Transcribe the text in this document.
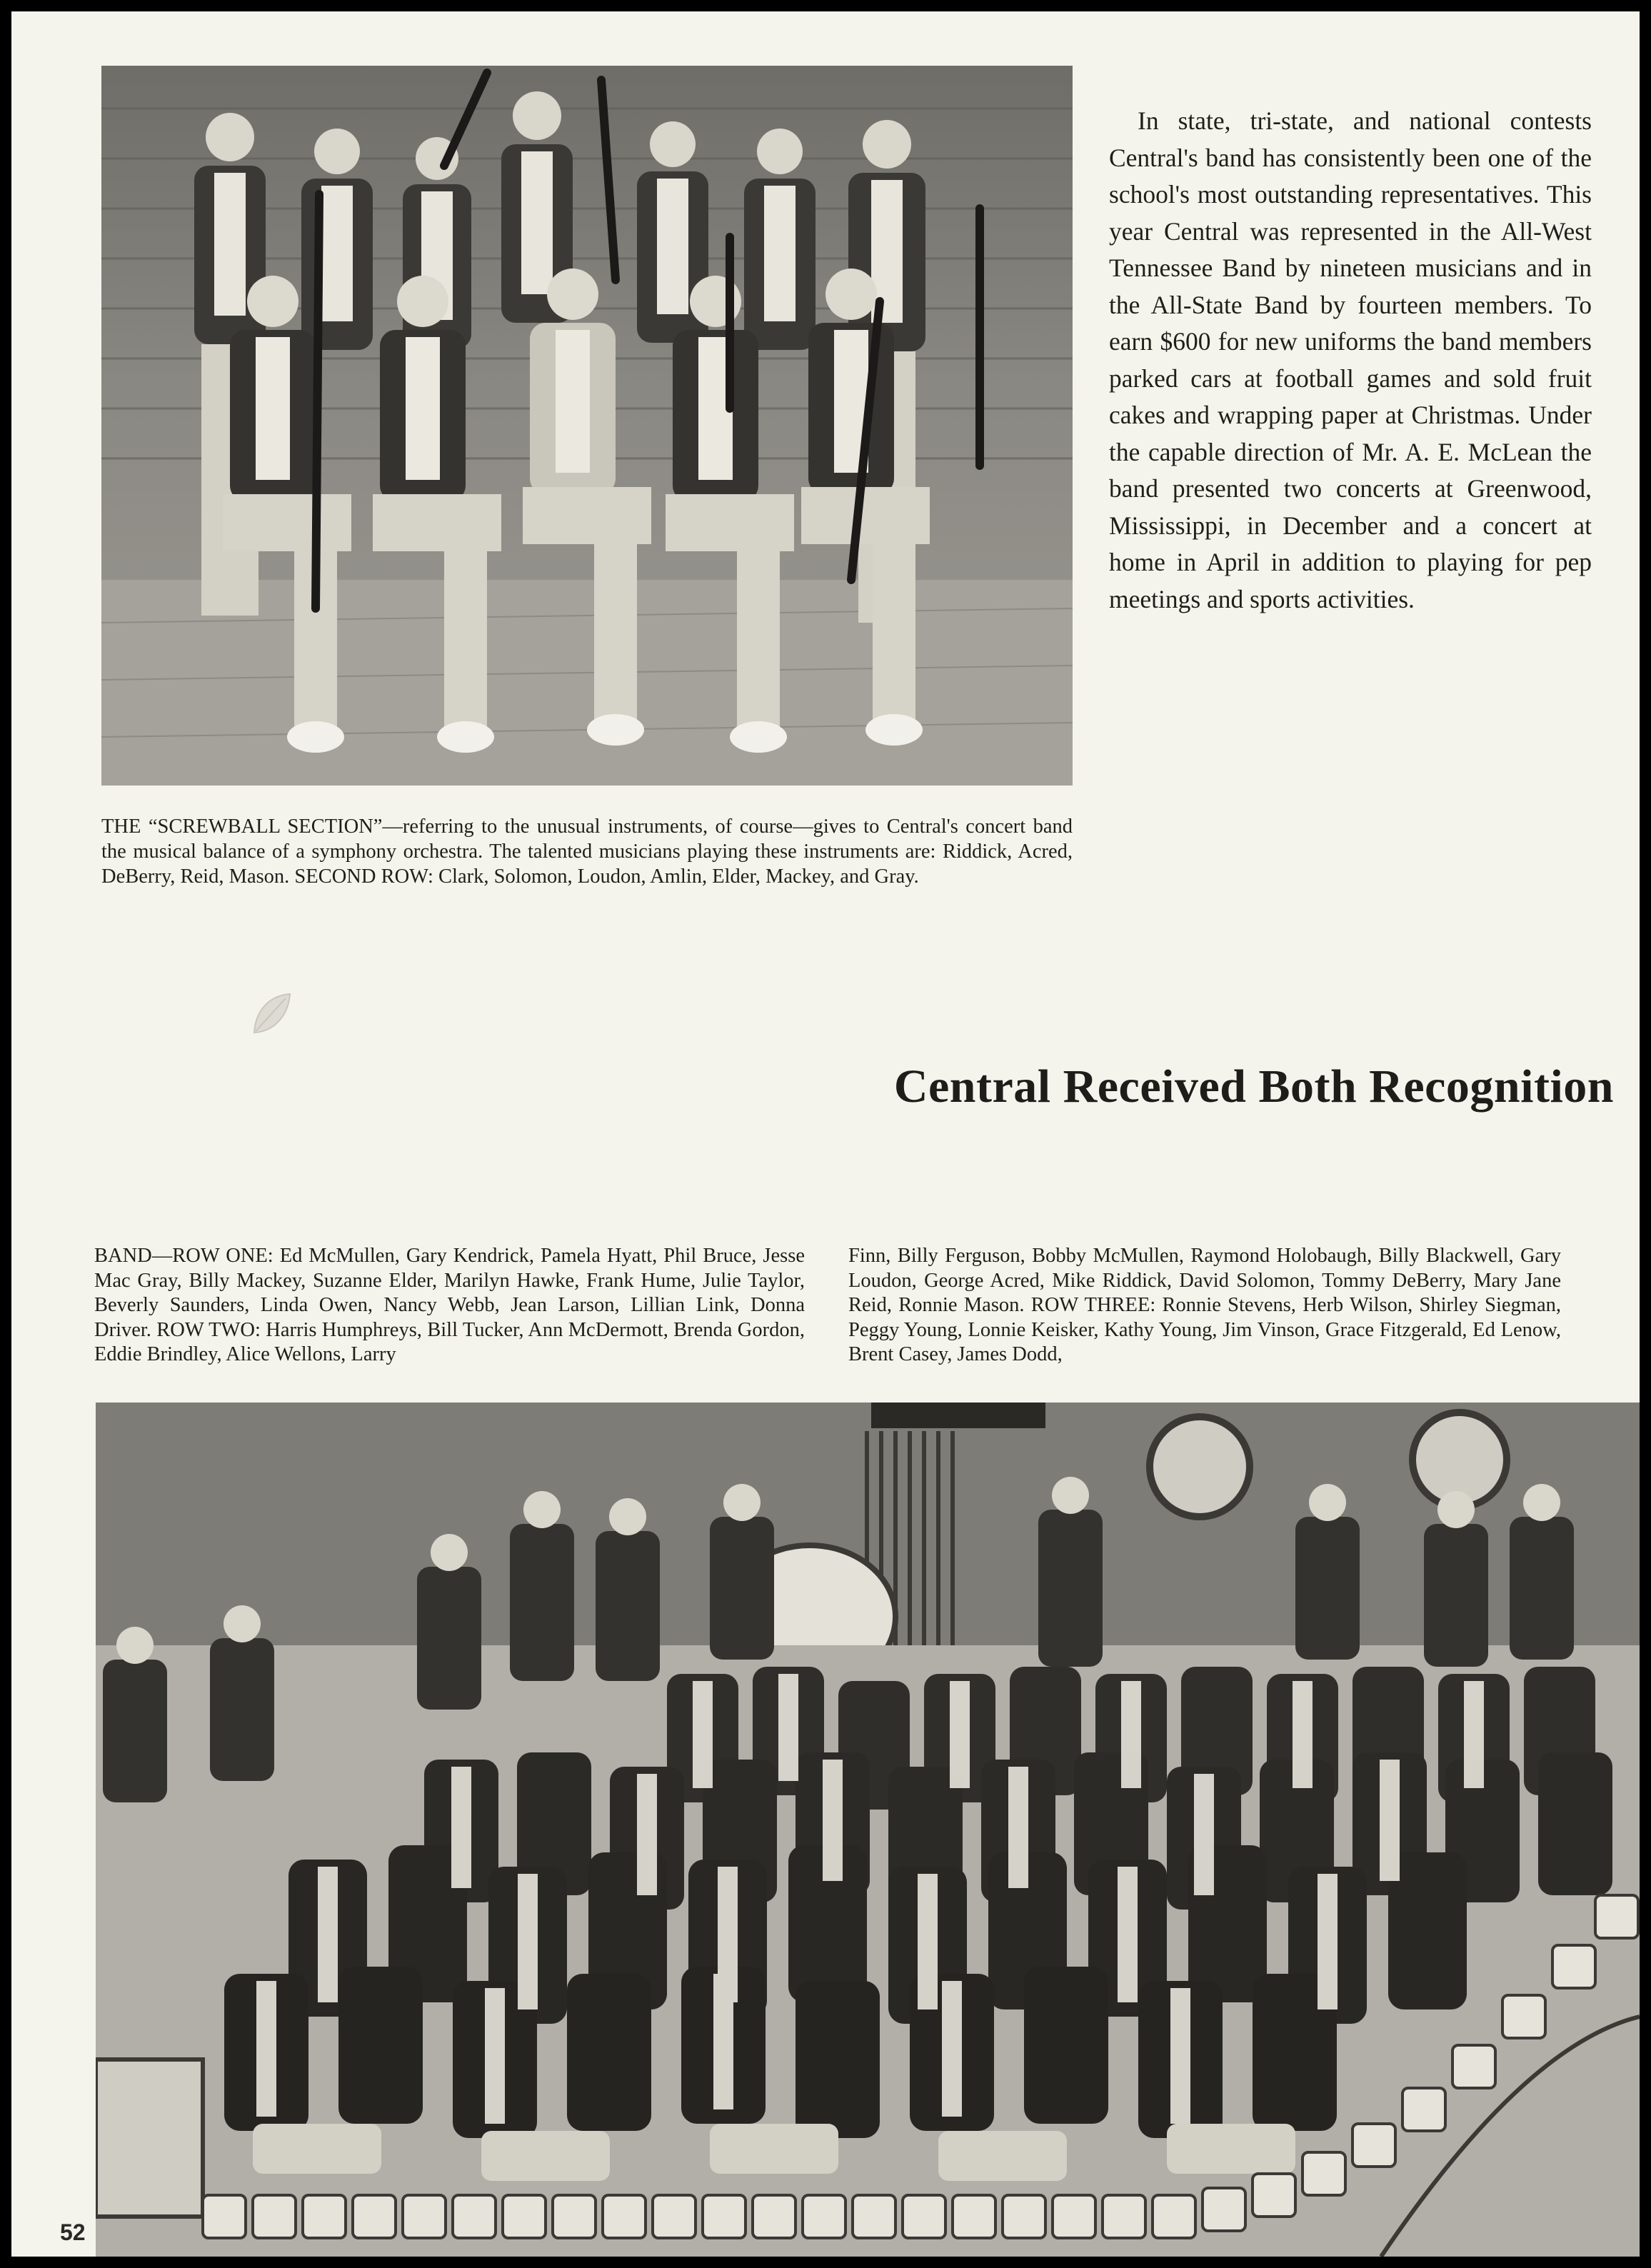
In state, tri-state, and national contests Central's band has consistently been one of the school's most outstanding representatives. This year Central was represented in the All-West Tennessee Band by nineteen musicians and in the All-State Band by fourteen members. To earn $600 for new uniforms the band members parked cars at football games and sold fruit cakes and wrapping paper at Christmas. Under the capable direction of Mr. A. E. McLean the band presented two concerts at Greenwood, Mississippi, in December and a concert at home in April in addition to playing for pep meetings and sports activities.

THE “SCREWBALL SECTION”—referring to the unusual instruments, of course—gives to Central's concert band the musical balance of a symphony orchestra. The talented musicians playing these instruments are: Riddick, Acred, DeBerry, Reid, Mason. SECOND ROW: Clark, Solomon, Loudon, Amlin, Elder, Mackey, and Gray.

Central Received Both Recognition

BAND—ROW ONE: Ed McMullen, Gary Kendrick, Pamela Hyatt, Phil Bruce, Jesse Mac Gray, Billy Mackey, Suzanne Elder, Marilyn Hawke, Frank Hume, Julie Taylor, Beverly Saunders, Linda Owen, Nancy Webb, Jean Larson, Lillian Link, Donna Driver. ROW TWO: Harris Humphreys, Bill Tucker, Ann McDermott, Brenda Gordon, Eddie Brindley, Alice Wellons, Larry

Finn, Billy Ferguson, Bobby McMullen, Raymond Holobaugh, Billy Blackwell, Gary Loudon, George Acred, Mike Riddick, David Solomon, Tommy DeBerry, Mary Jane Reid, Ronnie Mason. ROW THREE: Ronnie Stevens, Herb Wilson, Shirley Siegman, Peggy Young, Lonnie Keisker, Kathy Young, Jim Vinson, Grace Fitzgerald, Ed Lenow, Brent Casey, James Dodd,

52
